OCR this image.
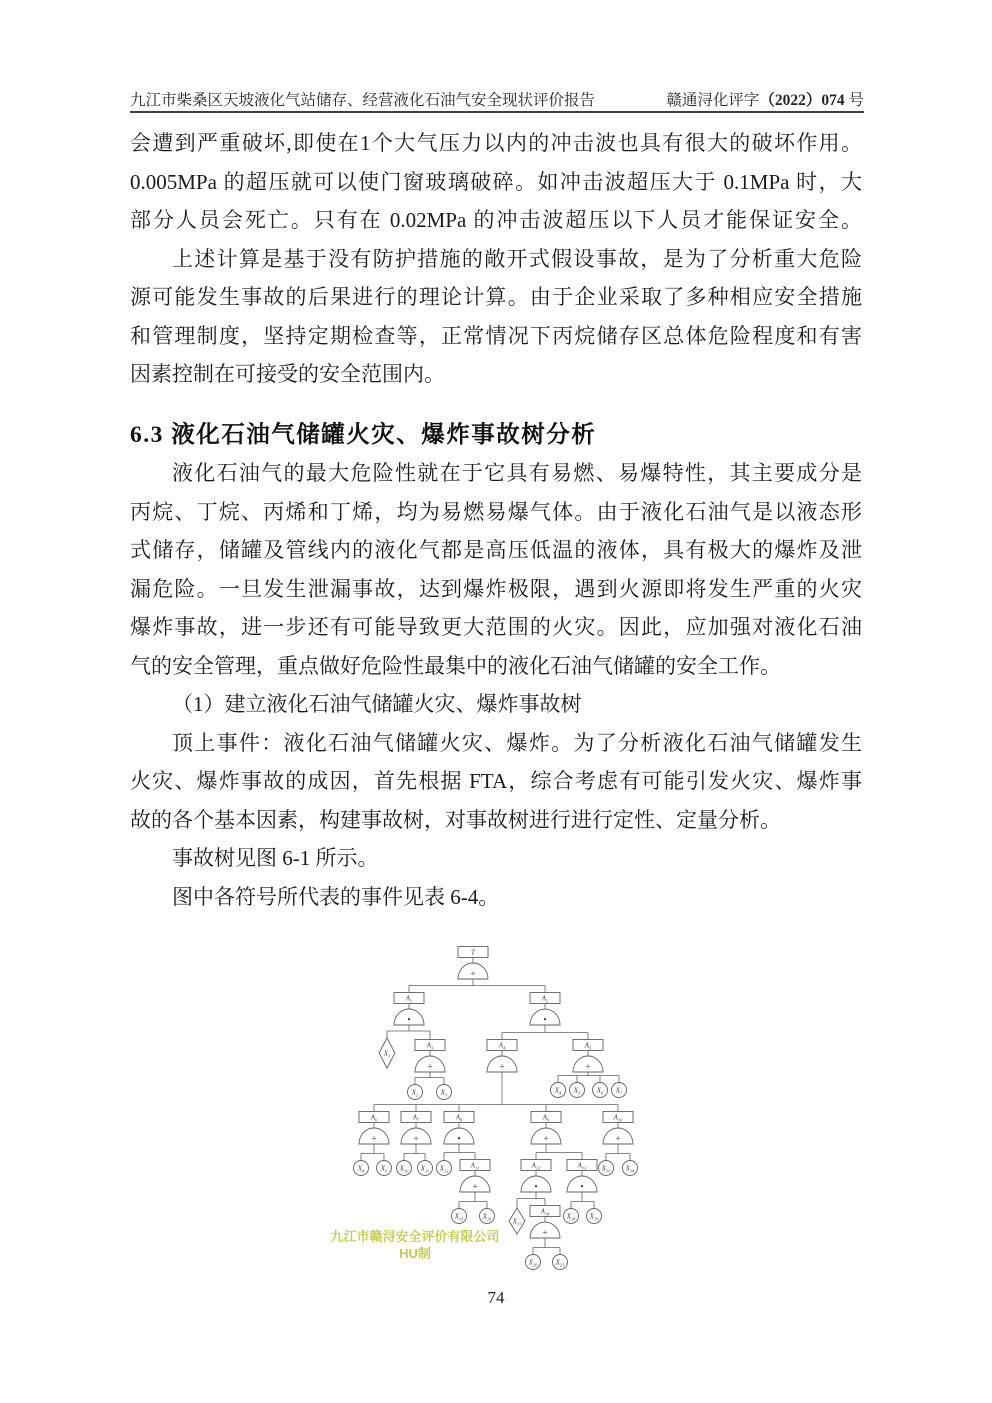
九江市柴桑区天坡液化气站储存、经营液化石油气安全现状评价报告	赣通浔化评字（2022）074 号

会遭到严重破坏,即使在1个大气压力以内的冲击波也具有很大的破坏作用。
0.005MPa 的超压就可以使门窗玻璃破碎。如冲击波超压大于 0.1MPa 时，大
部分人员会死亡。只有在 0.02MPa 的冲击波超压以下人员才能保证安全。

上述计算是基于没有防护措施的敞开式假设事故，是为了分析重大危险
源可能发生事故的后果进行的理论计算。由于企业采取了多种相应安全措施
和管理制度，坚持定期检查等，正常情况下丙烷储存区总体危险程度和有害
因素控制在可接受的安全范围内。

6.3 液化石油气储罐火灾、爆炸事故树分析

液化石油气的最大危险性就在于它具有易燃、易爆特性，其主要成分是
丙烷、丁烷、丙烯和丁烯，均为易燃易爆气体。由于液化石油气是以液态形
式储存，储罐及管线内的液化气都是高压低温的液体，具有极大的爆炸及泄
漏危险。一旦发生泄漏事故，达到爆炸极限，遇到火源即将发生严重的火灾
爆炸事故，进一步还有可能导致更大范围的火灾。因此，应加强对液化石油
气的安全管理，重点做好危险性最集中的液化石油气储罐的安全工作。

（1）建立液化石油气储罐火灾、爆炸事故树

顶上事件：液化石油气储罐火灾、爆炸。为了分析液化石油气储罐发生
火灾、爆炸事故的成因，首先根据 FTA，综合考虑有可能引发火灾、爆炸事
故的各个基本因素，构建事故树，对事故树进行进行定性、定量分析。

事故树见图 6-1 所示。

图中各符号所代表的事件见表 6-4。

+
T
•
$A_1$
•
$A_2$
$X_1$
+
$A_3$
+
$A_4$
+
$A_5$
$X_2$	$X_3$
$X_4$ $X_5$ $X_6$ $X_7$
+
$A_6$
+
$A_7$
•
$A_8$
+
$A_9$
+
$A_{10}$
$X_8$ $X_9$ $X_{10}$ $X_{11}$ $X_{12}$
+
$A_{11}$
•
$A_{12}$
•
$A_{13}$ $X_{13}$ $X_{14}$
$X_{15}$	$X_{16}$	$X_{17}$
+
$A_{14}$ $X_{18}$ $X_{19}$
$X_{20}$	$X_{21}$
九江市赣浔安全评价有限公司
HU制
74
